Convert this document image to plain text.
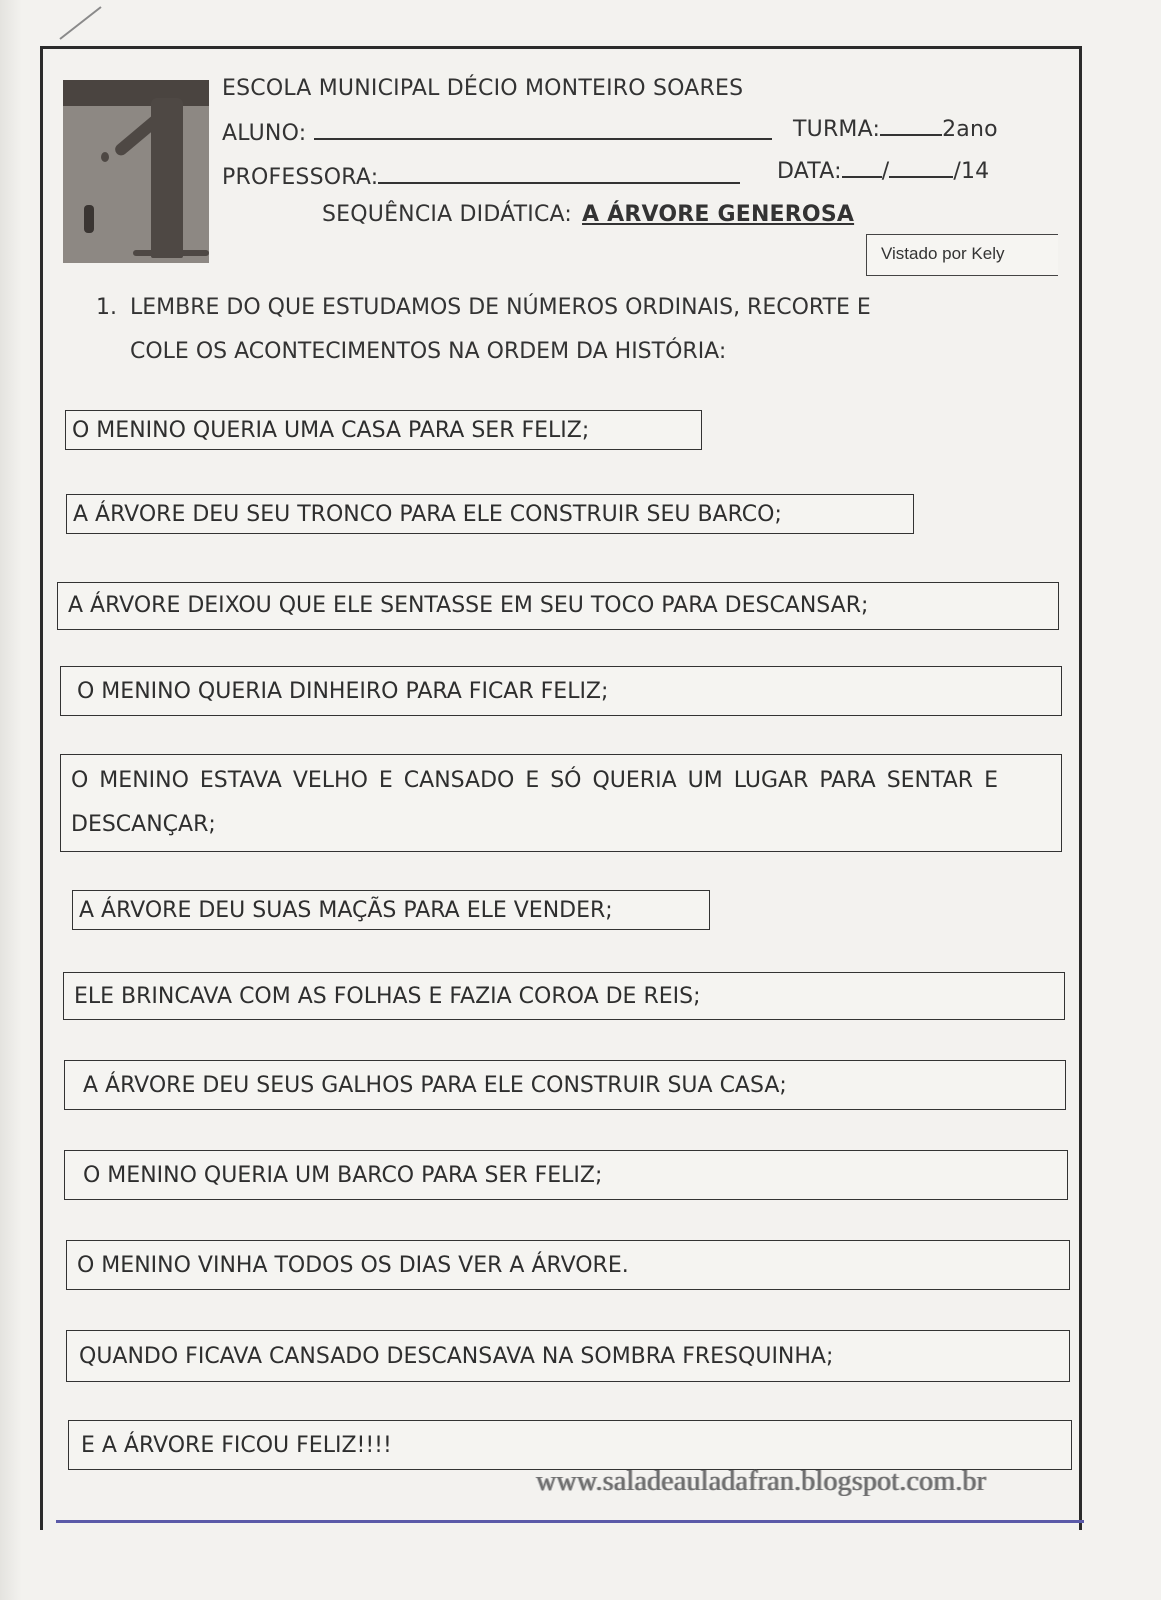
ESCOLA MUNICIPAL DÉCIO MONTEIRO SOARES
ALUNO:	TURMA:	2ano
PROFESSORA:	DATA: /	/14
SEQUÊNCIA DIDÁTICA: A ÁRVORE GENEROSA
Vistado por Kely
1. LEMBRE DO QUE ESTUDAMOS DE NÚMEROS ORDINAIS, RECORTE E
COLE OS ACONTECIMENTOS NA ORDEM DA HISTÓRIA:
O MENINO QUERIA UMA CASA PARA SER FELIZ;
A ÁRVORE DEU SEU TRONCO PARA ELE CONSTRUIR SEU BARCO;
A ÁRVORE DEIXOU QUE ELE SENTASSE EM SEU TOCO PARA DESCANSAR;
O MENINO QUERIA DINHEIRO PARA FICAR FELIZ;
O MENINO ESTAVA VELHO E CANSADO E SÓ QUERIA UM LUGAR PARA SENTAR E DESCANÇAR;
A ÁRVORE DEU SUAS MAÇÃS PARA ELE VENDER;
ELE BRINCAVA COM AS FOLHAS E FAZIA COROA DE REIS;
A ÁRVORE DEU SEUS GALHOS PARA ELE CONSTRUIR SUA CASA;
O MENINO QUERIA UM BARCO PARA SER FELIZ;
O MENINO VINHA TODOS OS DIAS VER A ÁRVORE.
QUANDO FICAVA CANSADO DESCANSAVA NA SOMBRA FRESQUINHA;
E A ÁRVORE FICOU FELIZ!!!!
www.saladeauladafran.blogspot.com.br
